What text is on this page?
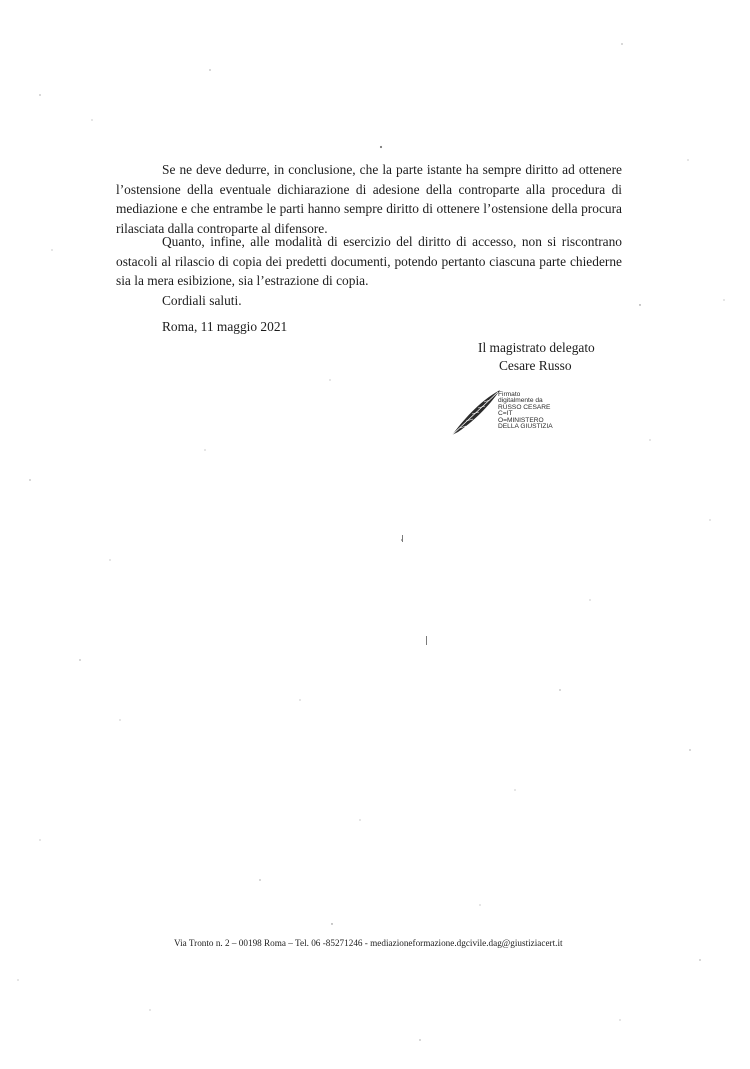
Se ne deve dedurre, in conclusione, che la parte istante ha sempre diritto ad ottenere l’ostensione della eventuale dichiarazione di adesione della controparte alla procedura di mediazione e che entrambe le parti hanno sempre diritto di ottenere l’ostensione della procura rilasciata dalla controparte al difensore.

Quanto, infine, alle modalità di esercizio del diritto di accesso, non si riscontrano ostacoli al rilascio di copia dei predetti documenti, potendo pertanto ciascuna parte chiederne sia la mera esibizione, sia l’estrazione di copia.

Cordiali saluti.
Roma, 11 maggio 2021
Il magistrato delegato
Cesare Russo
Firmato
digitalmente da
RUSSO CESARE
C=IT
O=MINISTERO
DELLA GIUSTIZIA
Via Tronto n. 2 – 00198 Roma – Tel. 06 -85271246 - mediazioneformazione.dgcivile.dag@giustiziacert.it
